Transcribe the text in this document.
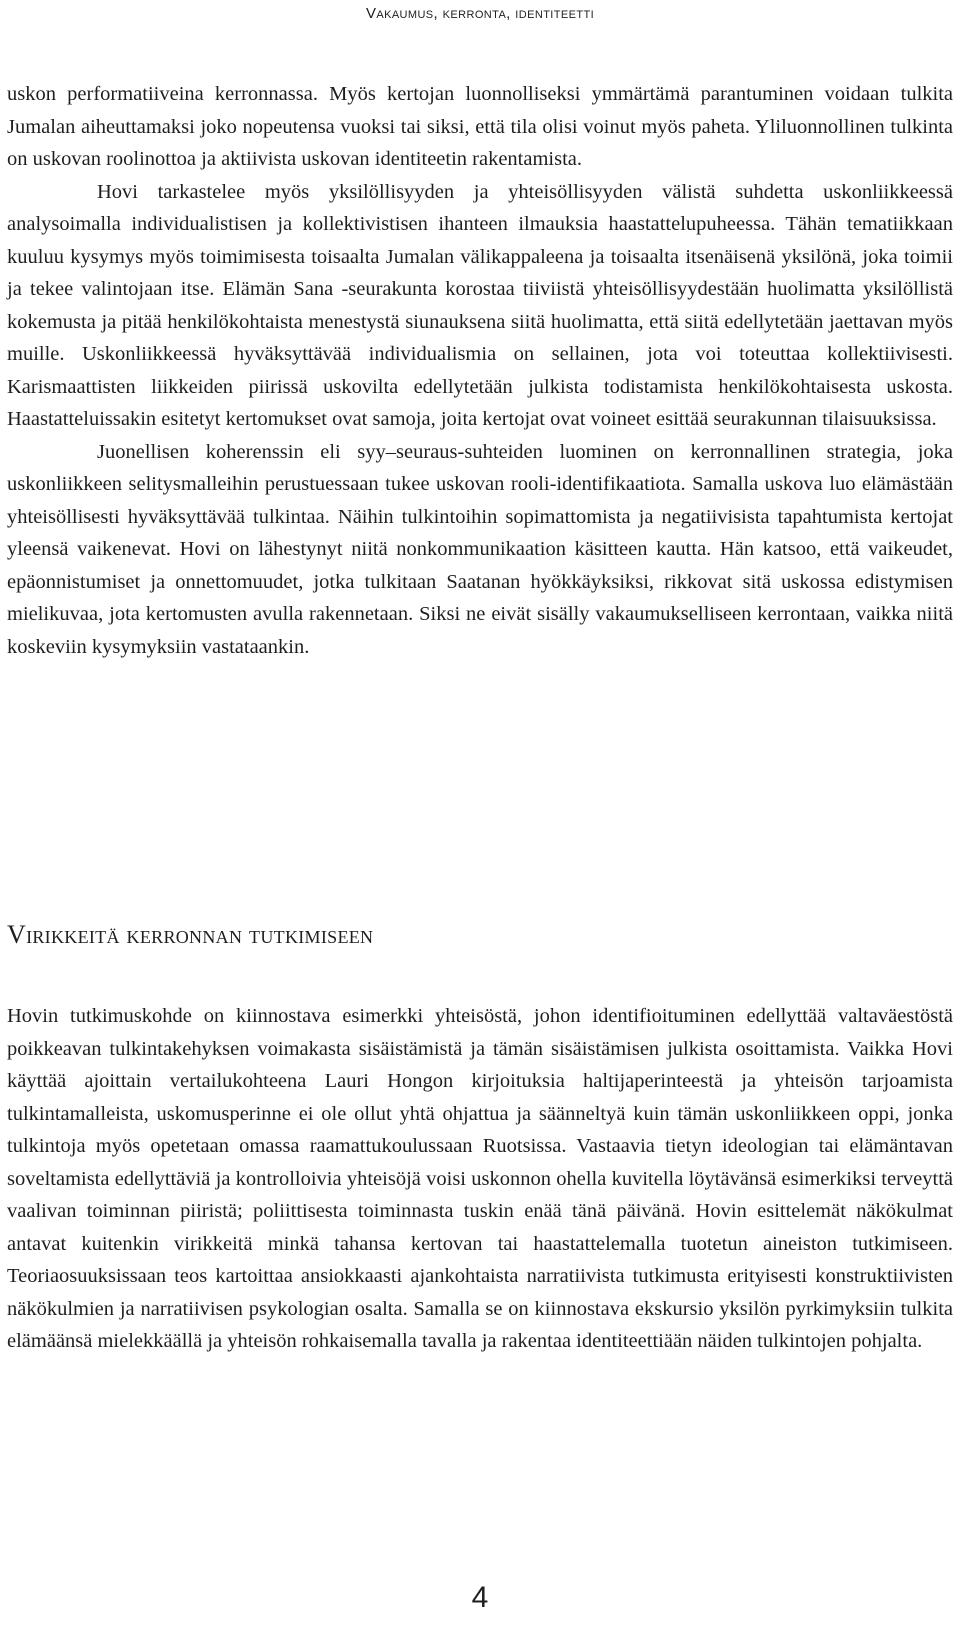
Vakaumus, kerronta, identiteetti

uskon performatiiveina kerronnassa. Myös kertojan luonnolliseksi ymmärtämä parantuminen voidaan tulkita Jumalan aiheuttamaksi joko nopeutensa vuoksi tai siksi, että tila olisi voinut myös paheta. Yliluonnollinen tulkinta on uskovan roolinottoa ja aktiivista uskovan identiteetin rakentamista.

Hovi tarkastelee myös yksilöllisyyden ja yhteisöllisyyden välistä suhdetta uskonliikkeessä analysoimalla individualistisen ja kollektivistisen ihanteen ilmauksia haastattelupuheessa. Tähän tematiikkaan kuuluu kysymys myös toimimisesta toisaalta Jumalan välikappaleena ja toisaalta itsenäisenä yksilönä, joka toimii ja tekee valintojaan itse. Elämän Sana -seurakunta korostaa tiiviistä yhteisöllisyydestään huolimatta yksilöllistä kokemusta ja pitää henkilökohtaista menestystä siunauksena siitä huolimatta, että siitä edellytetään jaettavan myös muille. Uskonliikkeessä hyväksyttävää individualismia on sellainen, jota voi toteuttaa kollektiivisesti. Karismaattisten liikkeiden piirissä uskovilta edellytetään julkista todistamista henkilökohtaisesta uskosta. Haastatteluissakin esitetyt kertomukset ovat samoja, joita kertojat ovat voineet esittää seurakunnan tilaisuuksissa.

Juonellisen koherenssin eli syy–seuraus-suhteiden luominen on kerronnallinen strategia, joka uskonliikkeen selitysmalleihin perustuessaan tukee uskovan rooli-identifikaatiota. Samalla uskova luo elämästään yhteisöllisesti hyväksyttävää tulkintaa. Näihin tulkintoihin sopimattomista ja negatiivisista tapahtumista kertojat yleensä vaikenevat. Hovi on lähestynyt niitä nonkommunikaation käsitteen kautta. Hän katsoo, että vaikeudet, epäonnistumiset ja onnettomuudet, jotka tulkitaan Saatanan hyökkäyksiksi, rikkovat sitä uskossa edistymisen mielikuvaa, jota kertomusten avulla rakennetaan. Siksi ne eivät sisälly vakaumukselliseen kerrontaan, vaikka niitä koskeviin kysymyksiin vastataankin.

Virikkeitä kerronnan tutkimiseen

Hovin tutkimuskohde on kiinnostava esimerkki yhteisöstä, johon identifioituminen edellyttää valtaväestöstä poikkeavan tulkintakehyksen voimakasta sisäistämistä ja tämän sisäistämisen julkista osoittamista. Vaikka Hovi käyttää ajoittain vertailukohteena Lauri Hongon kirjoituksia haltijaperinteestä ja yhteisön tarjoamista tulkintamalleista, uskomusperinne ei ole ollut yhtä ohjattua ja säänneltyä kuin tämän uskonliikkeen oppi, jonka tulkintoja myös opetetaan omassa raamattukoulussaan Ruotsissa. Vastaavia tietyn ideologian tai elämäntavan soveltamista edellyttäviä ja kontrolloivia yhteisöjä voisi uskonnon ohella kuvitella löytävänsä esimerkiksi terveyttä vaalivan toiminnan piiristä; poliittisesta toiminnasta tuskin enää tänä päivänä. Hovin esittelemät näkökulmat antavat kuitenkin virikkeitä minkä tahansa kertovan tai haastattelemalla tuotetun aineiston tutkimiseen. Teoriaosuuksissaan teos kartoittaa ansiokkaasti ajankohtaista narratiivista tutkimusta erityisesti konstruktiivisten näkökulmien ja narratiivisen psykologian osalta. Samalla se on kiinnostava ekskursio yksilön pyrkimyksiin tulkita elämäänsä mielekkäällä ja yhteisön rohkaisemalla tavalla ja rakentaa identiteettiään näiden tulkintojen pohjalta.

4
